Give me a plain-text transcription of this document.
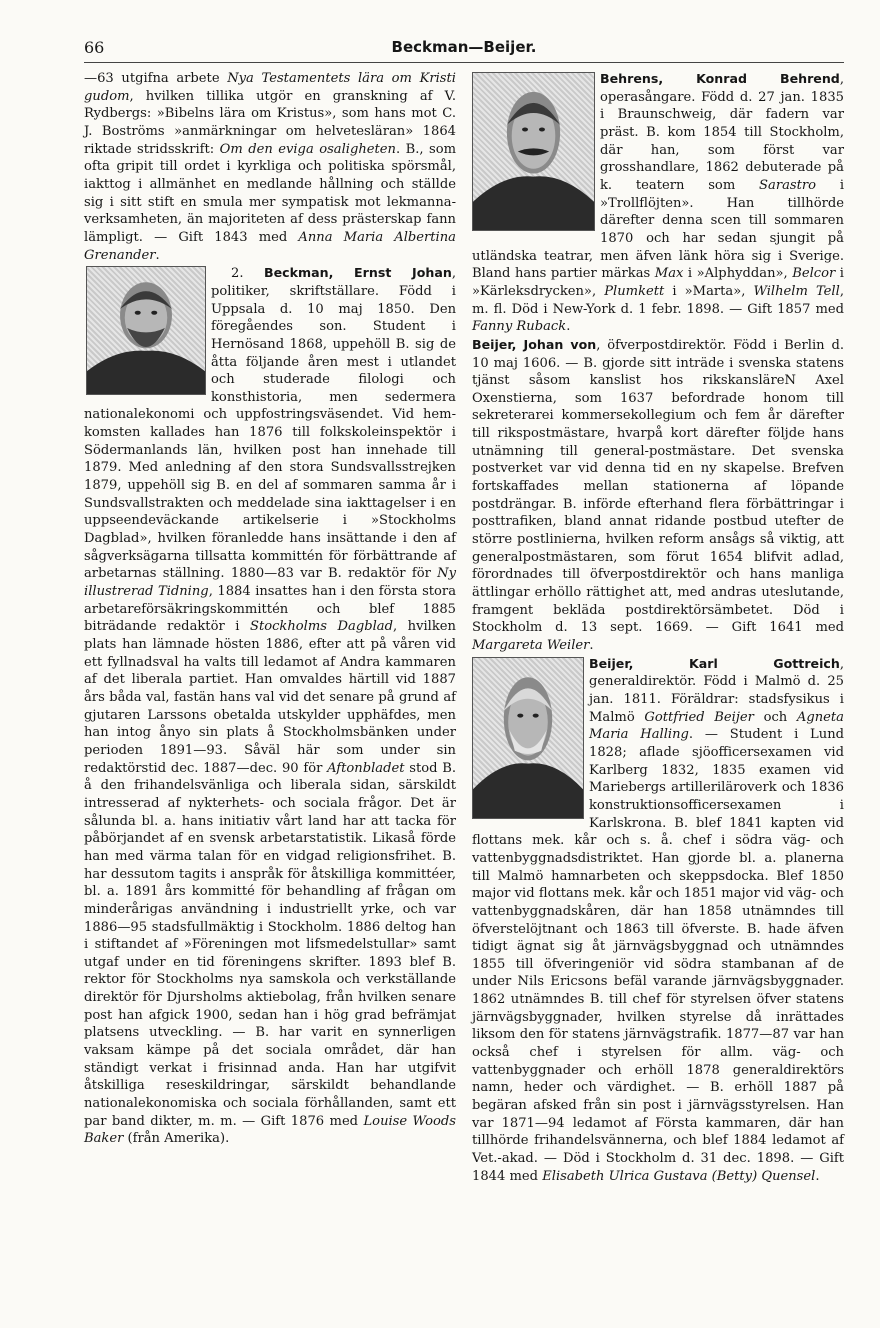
66	Beckman—Beijer.

—63 utgifna arbete Nya Testamentets lära om Kristi gudom, hvilken tillika utgör en granskning af V. Rydbergs: »Bibelns lära om Kristus», som hans mot C. J. Boströms »anmärkningar om helvetesläran» 1864 riktade stridsskrift: Om den eviga osaligheten. B., som ofta gripit till ordet i kyrkliga och politiska spörsmål, iakttog i allmänhet en medlande hållning och ställde sig i sitt stift en smula mer sympatisk mot lekmannaverksamheten, än majoriteten af dess prästerskap fann lämpligt. — Gift 1843 med Anna Maria Albertina Grenander.

2. Beckman, Ernst Johan
, politiker, skriftställare. Född i Uppsala d. 10 maj 1850. Den föregåendes son. Student i Hernösand 1868, uppehöll B. sig de åtta följande åren mest i utlandet och studerade filologi och konsthistoria, men sedermera nationalekonomi och uppfostringsväsendet. Vid hemkomsten kallades han 1876 till folkskoleinspektör i Södermanlands län, hvilken post han innehade till 1879. Med anledning af den stora Sundsvallsstrejken 1879, uppehöll sig B. en del af sommaren samma år i Sundsvallstrakten och meddelade sina iakttagelser i en uppseendeväckande artikelserie i »Stockholms Dagblad», hvilken föranledde hans insättande i den af sågverksägarna tillsatta kommittén för förbättrande af arbetarnas ställning. 1880—83 var B. redaktör för Ny illustrerad Tidning, 1884 insattes han i den första stora arbetareförsäkringskommittén och blef 1885 biträdande redaktör i Stockholms Dagblad, hvilken plats han lämnade hösten 1886, efter att på våren vid ett fyllnadsval ha valts till ledamot af Andra kammaren af det liberala partiet. Han omvaldes härtill vid 1887 års båda val, fastän hans val vid det senare på grund af gjutaren Larssons obetalda utskylder upphäfdes, men han intog ånyo sin plats å Stockholmsbänken under perioden 1891—93. Såväl här som under sin redaktörstid dec. 1887—dec. 90 för Aftonbladet stod B. å den frihandelsvänliga och liberala sidan, särskildt intresserad af nykterhets- och sociala frågor. Det är sålunda bl. a. hans initiativ vårt land har att tacka för påbörjandet af en svensk arbetarstatistik. Likaså förde han med värma talan för en vidgad religionsfrihet. B. har dessutom tagits i anspråk för åtskilliga kommittéer, bl. a. 1891 års kommitté för behandling af frågan om minderårigas användning i industriellt yrke, och var 1886—95 stadsfullmäktig i Stockholm. 1886 deltog han i stiftandet af »Föreningen mot lifsmedelstullar» samt utgaf under en tid föreningens skrifter. 1893 blef B. rektor för Stockholms nya samskola och verkställande direktör för Djursholms aktiebolag, från hvilken senare post han afgick 1900, sedan han i hög grad befrämjat platsens utveckling. — B. har varit en synnerligen vaksam kämpe på det sociala området, där han ständigt verkat i frisinnad anda. Han har utgifvit åtskilliga reseskildringar, särskildt behandlande nationalekonomiska och sociala förhållanden, samt ett par band dikter, m. m. — Gift 1876 med Louise Woods Baker (från Amerika).

Behrens, Konrad Behrend
, operasångare. Född d. 27 jan. 1835 i Braunschweig, där fadern var präst. B. kom 1854 till Stockholm, där han, som först var grosshandlare, 1862 debuterade på k. teatern som Sarastro i »Trollflöjten». Han tillhörde därefter denna scen till sommaren 1870 och har sedan sjungit på utländska teatrar, men äfven länk höra sig i Sverige. Bland hans partier märkas Max i »Alphyddan», Belcor i »Kärleksdrycken», Plumkett i »Marta», Wilhelm Tell, m. fl. Död i New-York d. 1 febr. 1898. — Gift 1857 med Fanny Ruback.

Beijer, Johan von, öfverpostdirektör. Född i Berlin d. 10 maj 1606. — B. gjorde sitt inträde i svenska statens tjänst såsom kanslist hos rikskansläreN Axel Oxenstierna, som 1637 befordrade honom till sekreterarei kommersekollegium och fem år därefter till rikspostmästare, hvarpå kort därefter följde hans utnämning till general-postmästare. Det svenska postverket var vid denna tid en ny skapelse. Brefven fortskaffades mellan stationerna af löpande postdrängar. B. införde efterhand flera förbättringar i posttrafiken, bland annat ridande postbud utefter de större postlinierna, hvilken reform ansågs så viktig, att generalpostmästaren, som förut 1654 blifvit adlad, förordnades till öfverpostdirektör och hans manliga ättlingar erhöllo rättighet att, med andras uteslutande, framgent bekläda postdirektörsämbetet. Död i Stockholm d. 13 sept. 1669. — Gift 1641 med Margareta Weiler.

Beijer, Karl Gottreich
, generaldirektör. Född i Malmö d. 25 jan. 1811. Föräldrar: stadsfysikus i Malmö Gottfried Beijer och Agneta Maria Halling. — Student i Lund 1828; aflade sjöofficersexamen vid Karlberg 1832, 1835 examen vid Mariebergs artilleriläroverk och 1836 konstruktionsofficersexamen i Karlskrona. B. blef 1841 kapten vid flottans mek. kår och s. å. chef i södra väg- och vattenbyggnadsdistriktet. Han gjorde bl. a. planerna till Malmö hamnarbeten och skeppsdocka. Blef 1850 major vid flottans mek. kår och 1851 major vid väg- och vattenbyggnadskåren, där han 1858 utnämndes till öfverstelöjtnant och 1863 till öfverste. B. hade äfven tidigt ägnat sig åt järnvägsbyggnad och utnämndes 1855 till öfveringeniör vid södra stambanan af de under Nils Ericsons befäl varande järnvägsbyggnader. 1862 utnämndes B. till chef för styrelsen öfver statens järnvägsbyggnader, hvilken styrelse då inrättades liksom den för statens järnvägstrafik. 1877—87 var han också chef i styrelsen för allm. väg- och vattenbyggnader och erhöll 1878 generaldirektörs namn, heder och värdighet. — B. erhöll 1887 på begäran afsked från sin post i järnvägsstyrelsen. Han var 1871—94 ledamot af Första kammaren, där han tillhörde frihandelsvännerna, och blef 1884 ledamot af Vet.-akad. — Död i Stockholm d. 31 dec. 1898. — Gift 1844 med Elisabeth Ulrica Gustava (Betty) Quensel.
